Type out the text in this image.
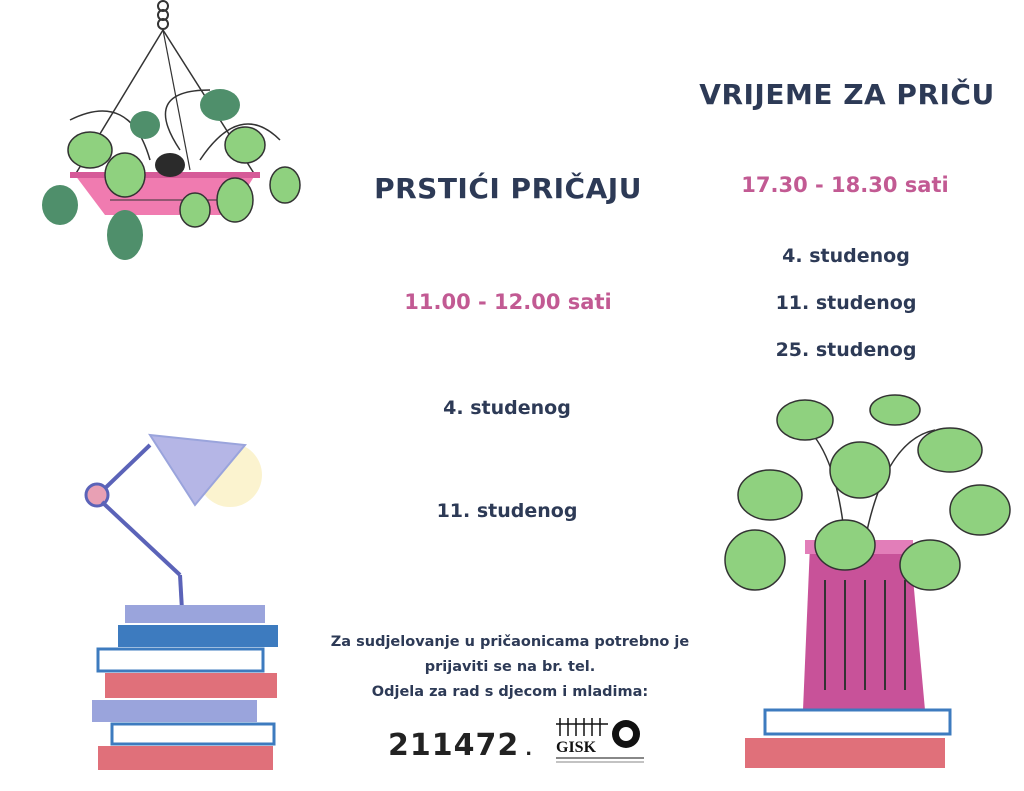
VRIJEME ZA PRIČU
17.30 - 18.30 sati
4. studenog
11. studenog
25. studenog
PRSTIĆI PRIČAJU
11.00 - 12.00 sati
4. studenog
11. studenog
Za sudjelovanje u pričaonicama potrebno je
prijaviti se na br. tel.
Odjela za rad s djecom i mladima:
211472 . GISK
